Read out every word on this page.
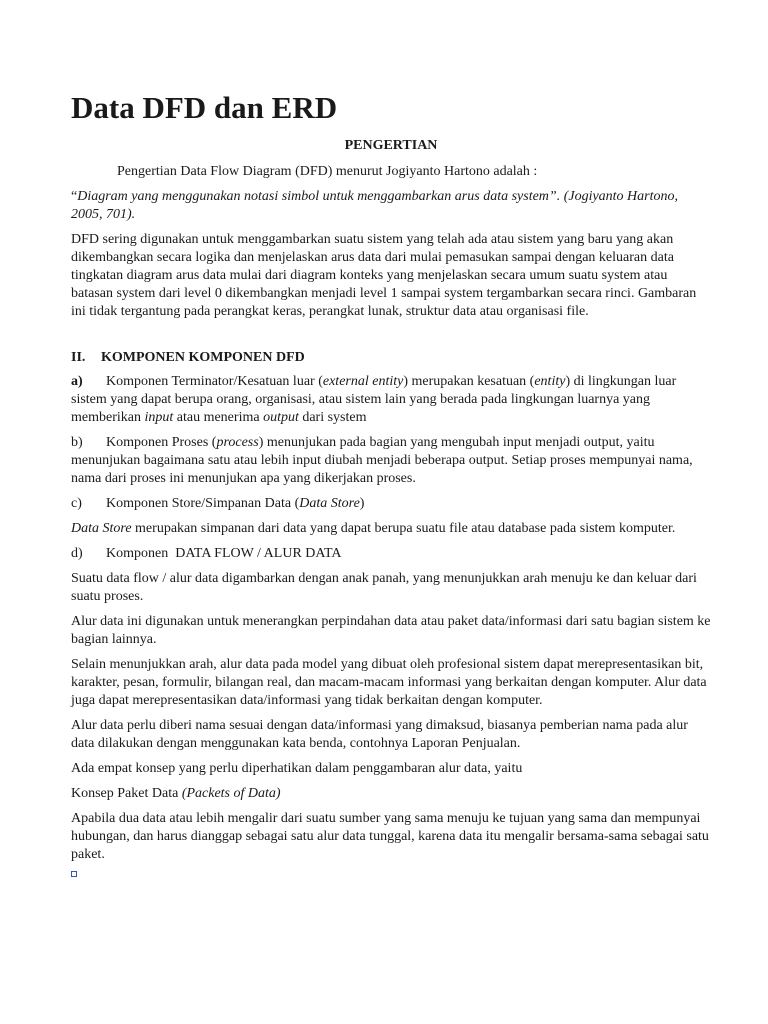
Data DFD dan ERD
PENGERTIAN

Pengertian Data Flow Diagram (DFD) menurut Jogiyanto Hartono adalah :

“Diagram yang menggunakan notasi simbol untuk menggambarkan arus data system”. (Jogiyanto Hartono, 2005, 701).

DFD sering digunakan untuk menggambarkan suatu sistem yang telah ada atau sistem yang baru yang akan dikembangkan secara logika dan menjelaskan arus data dari mulai pemasukan sampai dengan keluaran data tingkatan diagram arus data mulai dari diagram konteks yang menjelaskan secara umum suatu system atau batasan system dari level 0 dikembangkan menjadi level 1 sampai system tergambarkan secara rinci. Gambaran ini tidak tergantung pada perangkat keras, perangkat lunak, struktur data atau organisasi file.

II. KOMPONEN KOMPONEN DFD

a) Komponen Terminator/Kesatuan luar (external entity) merupakan kesatuan (entity) di lingkungan luar sistem yang dapat berupa orang, organisasi, atau sistem lain yang berada pada lingkungan luarnya yang memberikan input atau menerima output dari system

b) Komponen Proses (process) menunjukan pada bagian yang mengubah input menjadi output, yaitu menunjukan bagaimana satu atau lebih input diubah menjadi beberapa output. Setiap proses mempunyai nama, nama dari proses ini menunjukan apa yang dikerjakan proses.

c) Komponen Store/Simpanan Data (Data Store)

Data Store merupakan simpanan dari data yang dapat berupa suatu file atau database pada sistem komputer.

d) Komponen  DATA FLOW / ALUR DATA

Suatu data flow / alur data digambarkan dengan anak panah, yang menunjukkan arah menuju ke dan keluar dari suatu proses.

Alur data ini digunakan untuk menerangkan perpindahan data atau paket data/informasi dari satu bagian sistem ke bagian lainnya.

Selain menunjukkan arah, alur data pada model yang dibuat oleh profesional sistem dapat merepresentasikan bit, karakter, pesan, formulir, bilangan real, dan macam-macam informasi yang berkaitan dengan komputer. Alur data juga dapat merepresentasikan data/informasi yang tidak berkaitan dengan komputer.

Alur data perlu diberi nama sesuai dengan data/informasi yang dimaksud, biasanya pemberian nama pada alur data dilakukan dengan menggunakan kata benda, contohnya Laporan Penjualan.

Ada empat konsep yang perlu diperhatikan dalam penggambaran alur data, yaitu

Konsep Paket Data (Packets of Data)

Apabila dua data atau lebih mengalir dari suatu sumber yang sama menuju ke tujuan yang sama dan mempunyai hubungan, dan harus dianggap sebagai satu alur data tunggal, karena data itu mengalir bersama-sama sebagai satu paket.
